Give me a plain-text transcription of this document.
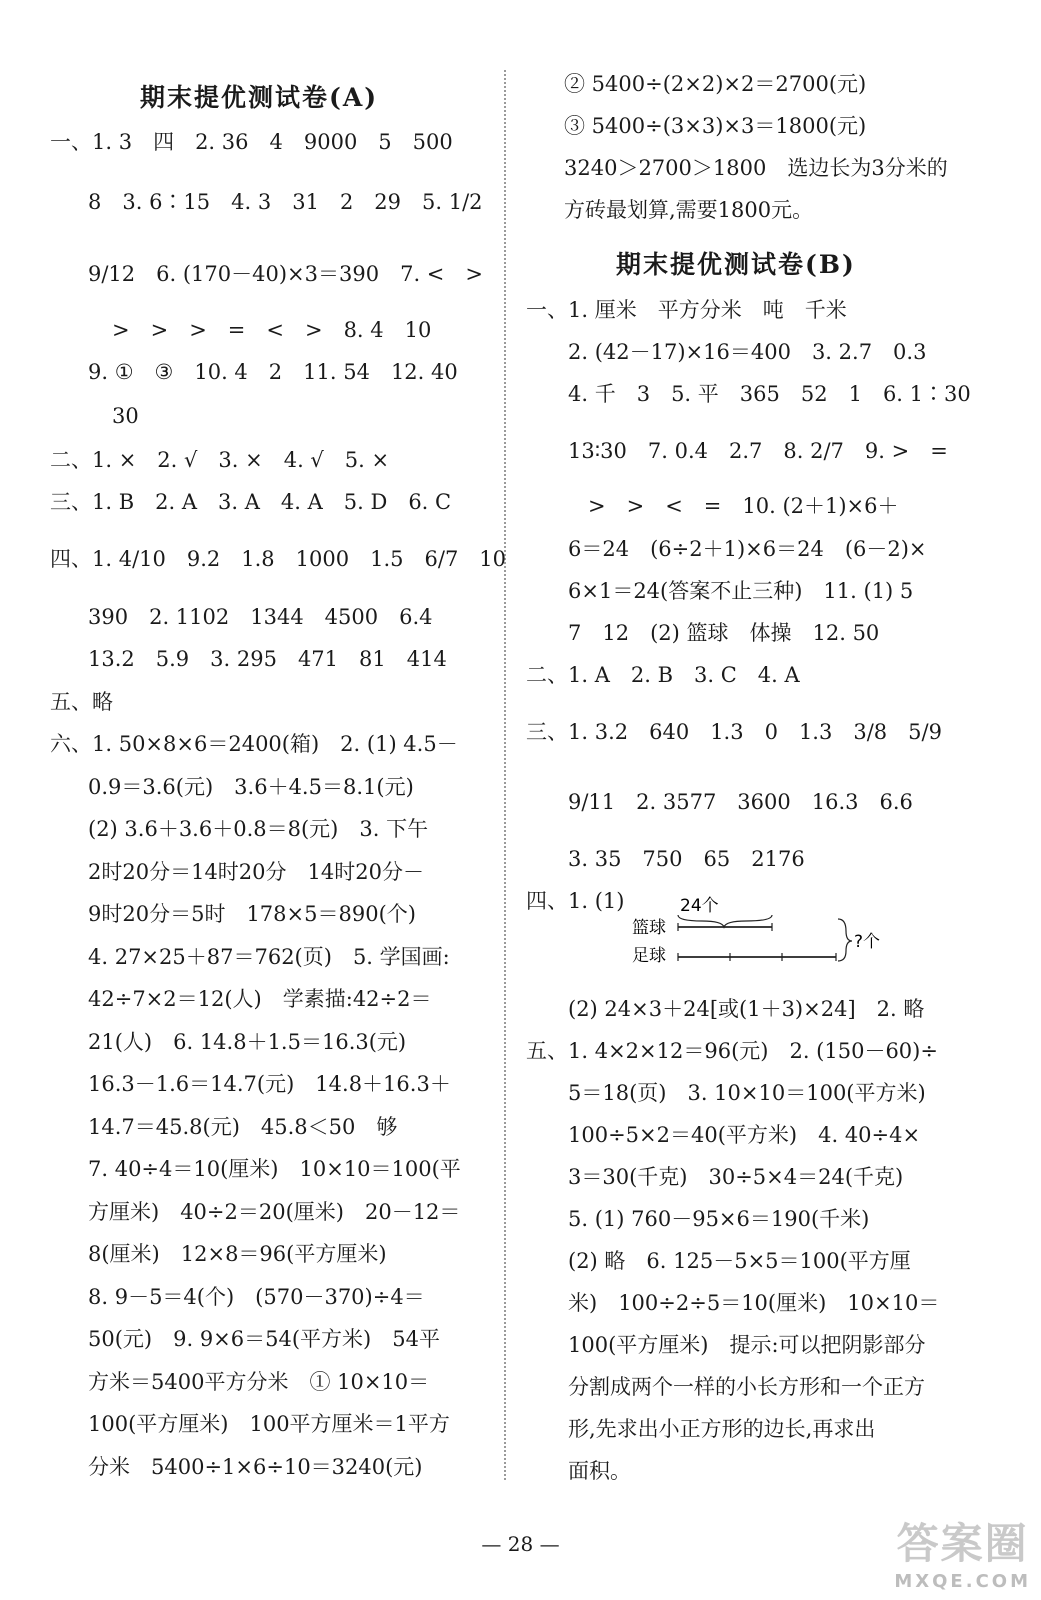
期末提优测试卷(A)
一、1. 3　四　2. 36　4　9000　5　500
8　3. 6∶15　4. 3　31　2　29　5. 1/2
9/12　6. (170－40)×3＝390　7. <　>
>　>　>　=　<　>　8. 4　10
9. ①　③　10. 4　2　11. 54　12. 40
30
二、1. ×　2. √　3. ×　4. √　5. ×
三、1. B　2. A　3. A　4. A　5. D　6. C
四、1. 4/10　9.2　1.8　1000　1.5　6/7　10
390　2. 1102　1344　4500　6.4
13.2　5.9　3. 295　471　81　414
五、略
六、1. 50×8×6＝2400(箱)　2. (1) 4.5－
0.9＝3.6(元)　3.6＋4.5＝8.1(元)
(2) 3.6＋3.6＋0.8＝8(元)　3. 下午
2时20分＝14时20分　14时20分－
9时20分＝5时　178×5＝890(个)
4. 27×25＋87＝762(页)　5. 学国画:
42÷7×2＝12(人)　学素描:42÷2＝
21(人)　6. 14.8＋1.5＝16.3(元)
16.3－1.6＝14.7(元)　14.8＋16.3＋
14.7＝45.8(元)　45.8＜50　够
7. 40÷4＝10(厘米)　10×10＝100(平
方厘米)　40÷2＝20(厘米)　20－12＝
8(厘米)　12×8＝96(平方厘米)
8. 9－5＝4(个)　(570－370)÷4＝
50(元)　9. 9×6＝54(平方米)　54平
方米＝5400平方分米　① 10×10＝
100(平方厘米)　100平方厘米＝1平方
分米　5400÷1×6÷10＝3240(元)
② 5400÷(2×2)×2＝2700(元)
③ 5400÷(3×3)×3＝1800(元)
3240＞2700＞1800　选边长为3分米的
方砖最划算,需要1800元。
期末提优测试卷(B)
一、1. 厘米　平方分米　吨　千米
2. (42－17)×16＝400　3. 2.7　0.3
4. 千　3　5. 平　365　52　1　6. 1∶30
13∶30　7. 0.4　2.7　8. 2/7　9. >　=
>　>　<　=　10. (2＋1)×6＋
6＝24　(6÷2＋1)×6＝24　(6－2)×
6×1＝24(答案不止三种)　11. (1) 5
7　12　(2) 篮球　体操　12. 50
二、1. A　2. B　3. C　4. A
三、1. 3.2　640　1.3　0　1.3　3/8　5/9
9/11　2. 3577　3600　16.3　6.6
3. 35　750　65　2176
四、1. (1)
(2) 24×3＋24[或(1＋3)×24]　2. 略
五、1. 4×2×12＝96(元)　2. (150－60)÷
5＝18(页)　3. 10×10＝100(平方米)
100÷5×2＝40(平方米)　4. 40÷4×
3＝30(千克)　30÷5×4＝24(千克)
5. (1) 760－95×6＝190(千米)
(2) 略　6. 125－5×5＝100(平方厘
米)　100÷2÷5＝10(厘米)　10×10＝
100(平方厘米)　提示:可以把阴影部分
分割成两个一样的小长方形和一个正方
形,先求出小正方形的边长,再求出
面积。
24个
篮球
足球
?个
— 28 —	答案圈
MXQE.COM
